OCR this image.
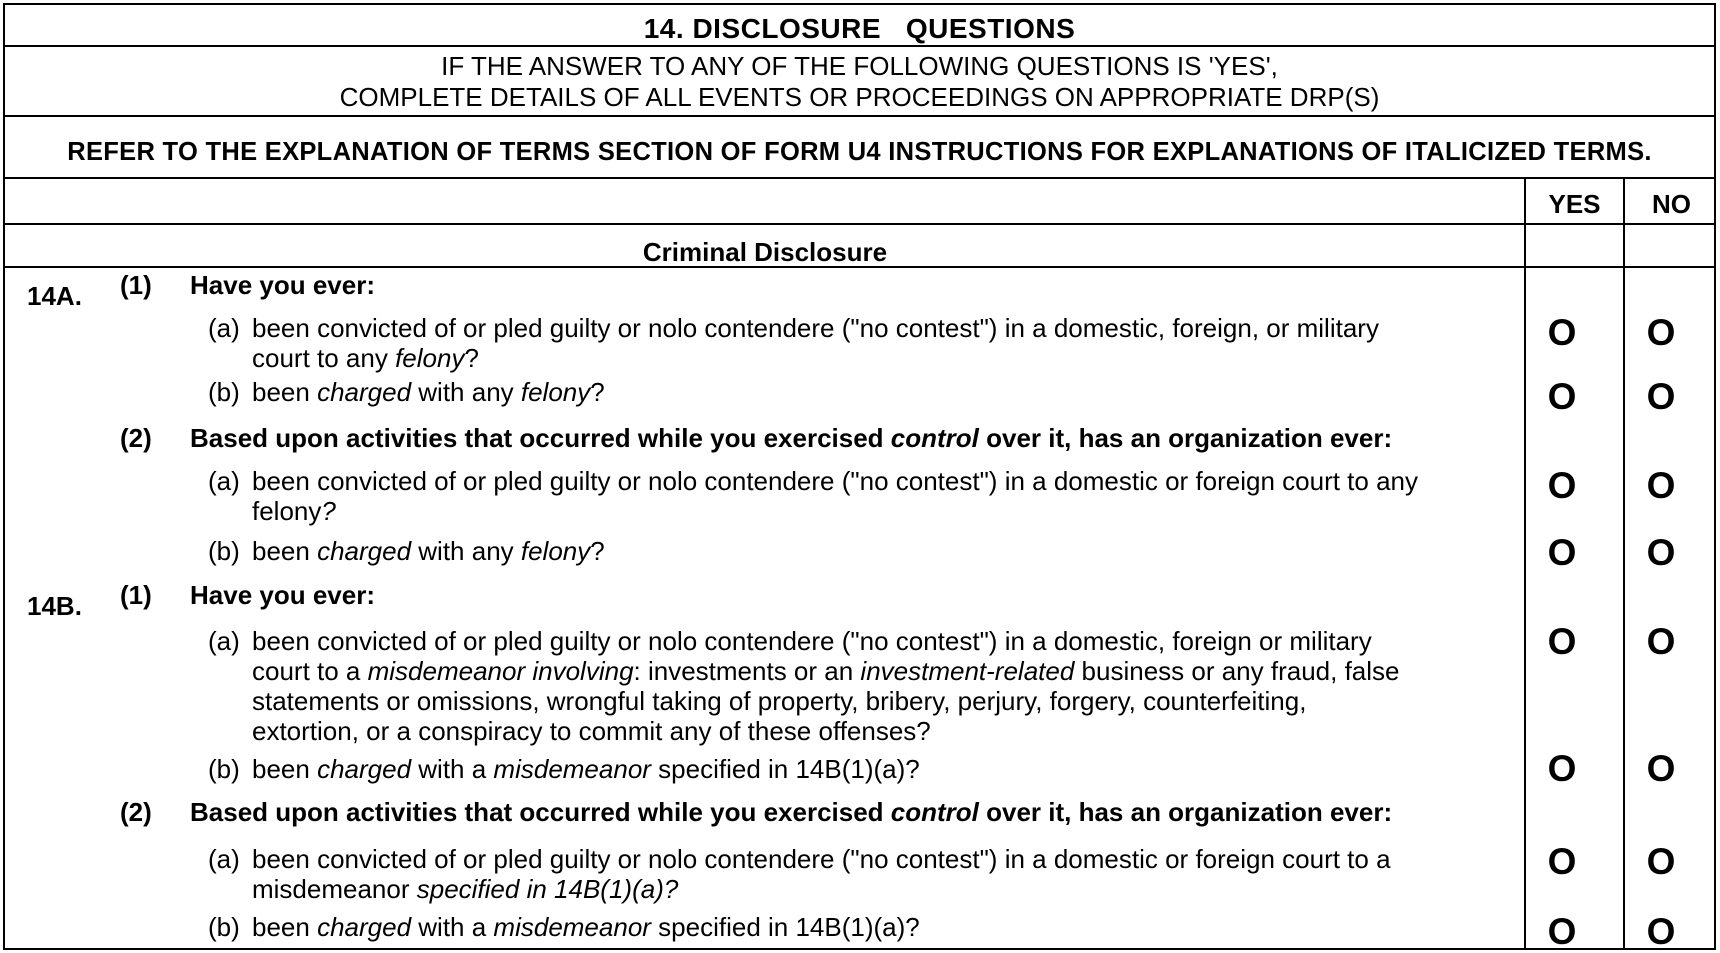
14. DISCLOSURE   QUESTIONS
IF THE ANSWER TO ANY OF THE FOLLOWING QUESTIONS IS 'YES',
COMPLETE DETAILS OF ALL EVENTS OR PROCEEDINGS ON APPROPRIATE DRP(S)
REFER TO THE EXPLANATION OF TERMS SECTION OF FORM U4 INSTRUCTIONS FOR EXPLANATIONS OF ITALICIZED TERMS.
YES	NO
Criminal Disclosure
14A. (1) Have you ever:
(a) been convicted of or pled guilty or nolo contendere ("no contest") in a domestic, foreign, or military
court to any felony?
O O
(b) been charged with any felony?	O O
(2) Based upon activities that occurred while you exercised control over it, has an organization ever:
(a) been convicted of or pled guilty or nolo contendere ("no contest") in a domestic or foreign court to any
felony?
O O
(b) been charged with any felony?	O O
14B. (1) Have you ever:
(a) been convicted of or pled guilty or nolo contendere ("no contest") in a domestic, foreign or military
court to a misdemeanor involving: investments or an investment-related business or any fraud, false
statements or omissions, wrongful taking of property, bribery, perjury, forgery, counterfeiting,
extortion, or a conspiracy to commit any of these offenses?
O O
(b) been charged with a misdemeanor specified in 14B(1)(a)?	O O
(2) Based upon activities that occurred while you exercised control over it, has an organization ever:
(a) been convicted of or pled guilty or nolo contendere ("no contest") in a domestic or foreign court to a
misdemeanor specified in 14B(1)(a)?
O O
(b) been charged with a misdemeanor specified in 14B(1)(a)?	O O
